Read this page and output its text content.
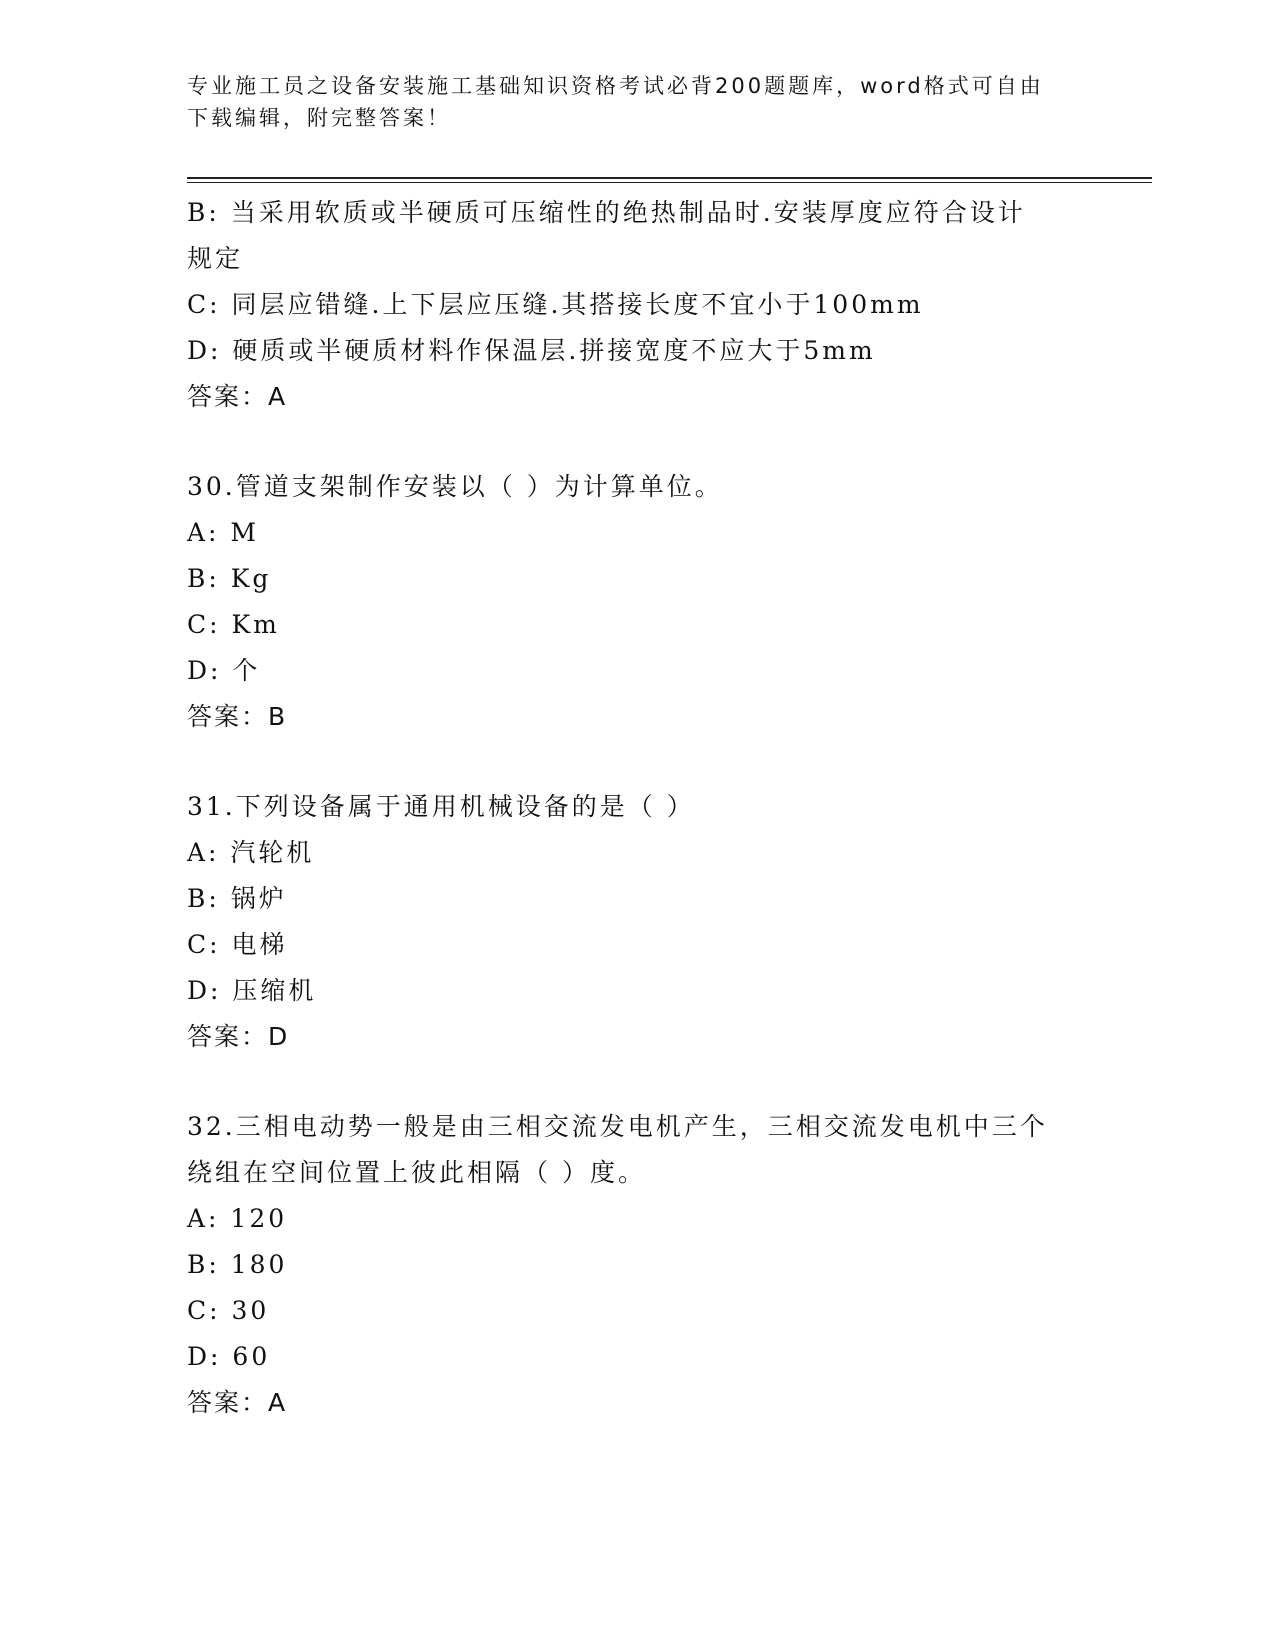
专业施工员之设备安装施工基础知识资格考试必背200题题库，word格式可自由
下载编辑，附完整答案！
B: 当采用软质或半硬质可压缩性的绝热制品时.安装厚度应符合设计
规定
C: 同层应错缝.上下层应压缝.其搭接长度不宜小于100mm
D: 硬质或半硬质材料作保温层.拼接宽度不应大于5mm
答案：A
30.管道支架制作安装以（ ）为计算单位。
A: M
B: Kg
C: Km
D: 个
答案：B
31.下列设备属于通用机械设备的是（ ）
A: 汽轮机
B: 锅炉
C: 电梯
D: 压缩机
答案：D
32.三相电动势一般是由三相交流发电机产生，三相交流发电机中三个
绕组在空间位置上彼此相隔（ ）度。
A: 120
B: 180
C: 30
D: 60
答案：A
